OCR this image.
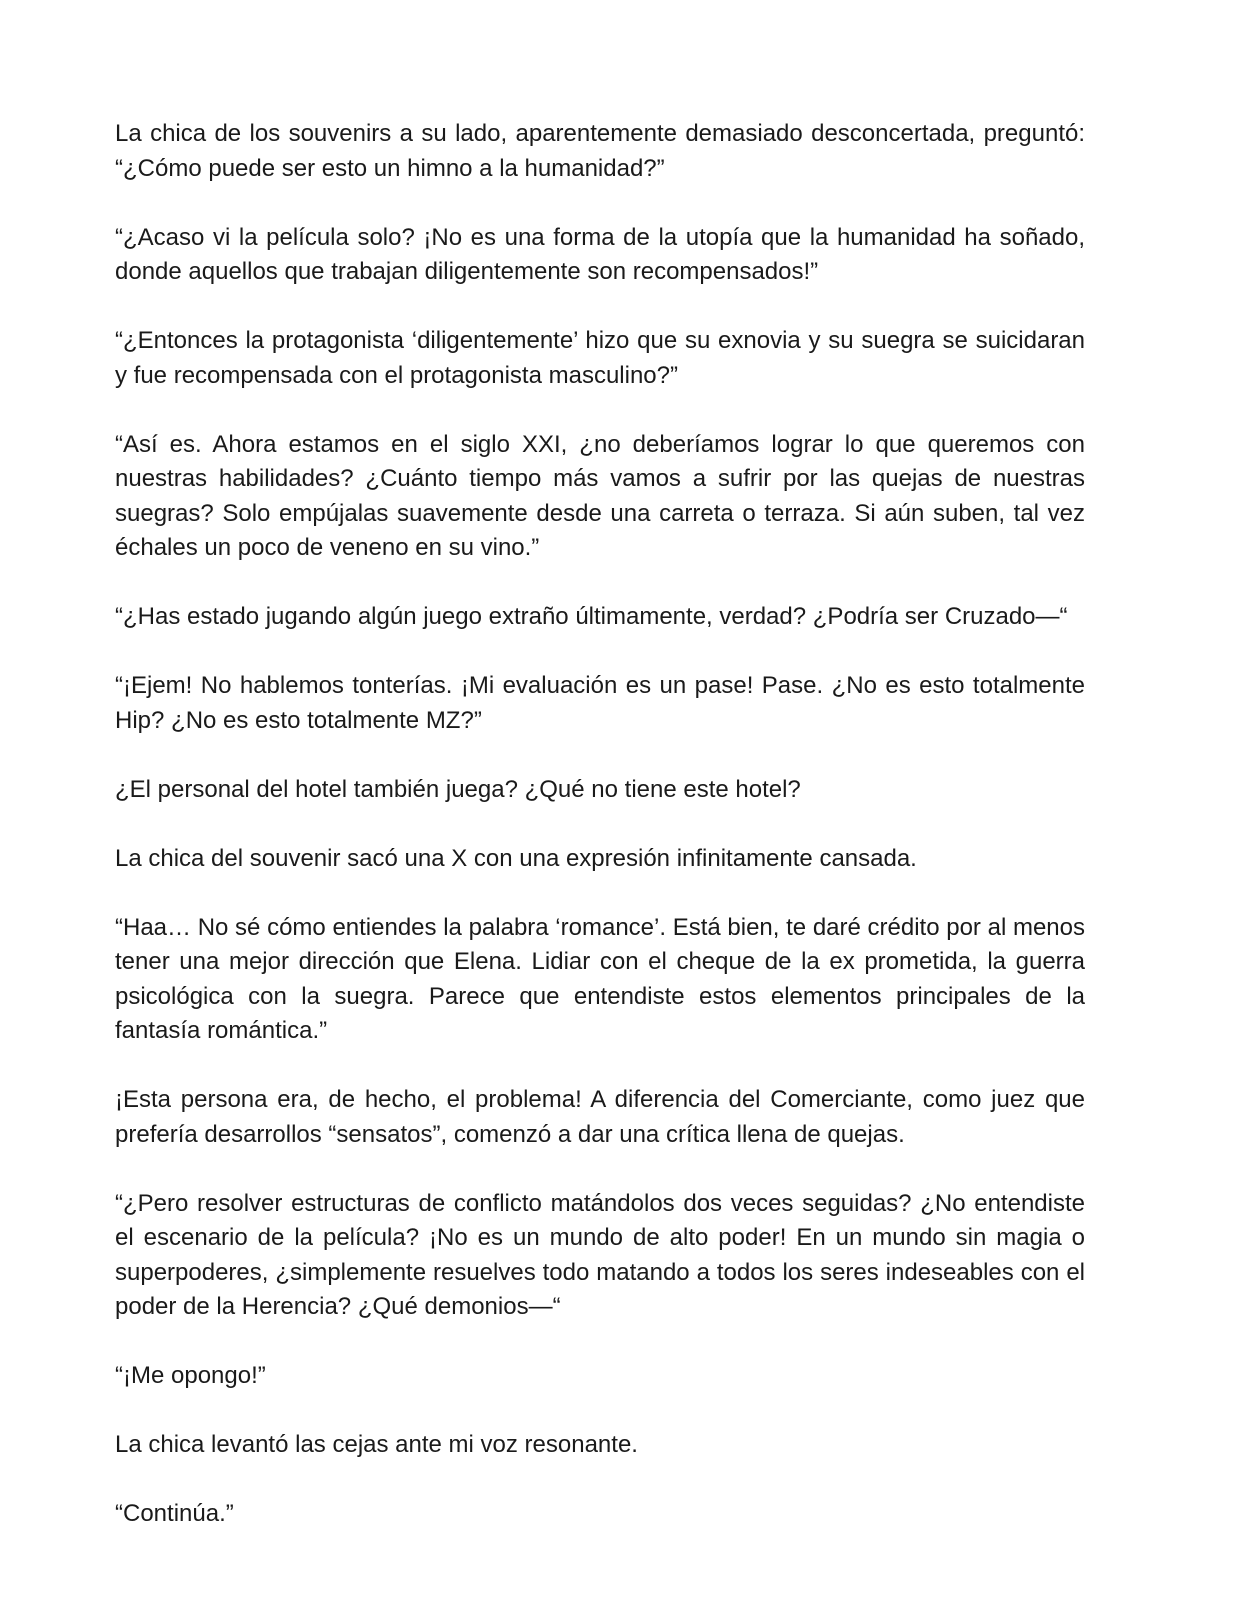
La chica de los souvenirs a su lado, aparentemente demasiado desconcertada, preguntó: “¿Cómo puede ser esto un himno a la humanidad?”

“¿Acaso vi la película solo? ¡No es una forma de la utopía que la humanidad ha soñado, donde aquellos que trabajan diligentemente son recompensados!”

“¿Entonces la protagonista ‘diligentemente’ hizo que su exnovia y su suegra se suicidaran y fue recompensada con el protagonista masculino?”

“Así es. Ahora estamos en el siglo XXI, ¿no deberíamos lograr lo que queremos con nuestras habilidades? ¿Cuánto tiempo más vamos a sufrir por las quejas de nuestras suegras? Solo empújalas suavemente desde una carreta o terraza. Si aún suben, tal vez échales un poco de veneno en su vino.”

“¿Has estado jugando algún juego extraño últimamente, verdad? ¿Podría ser Cruzado—“

“¡Ejem! No hablemos tonterías. ¡Mi evaluación es un pase! Pase. ¿No es esto totalmente Hip? ¿No es esto totalmente MZ?”

¿El personal del hotel también juega? ¿Qué no tiene este hotel?

La chica del souvenir sacó una X con una expresión infinitamente cansada.

“Haa… No sé cómo entiendes la palabra ‘romance’. Está bien, te daré crédito por al menos tener una mejor dirección que Elena. Lidiar con el cheque de la ex prometida, la guerra psicológica con la suegra. Parece que entendiste estos elementos principales de la fantasía romántica.”

¡Esta persona era, de hecho, el problema! A diferencia del Comerciante, como juez que prefería desarrollos “sensatos”, comenzó a dar una crítica llena de quejas.

“¿Pero resolver estructuras de conflicto matándolos dos veces seguidas? ¿No entendiste el escenario de la película? ¡No es un mundo de alto poder! En un mundo sin magia o superpoderes, ¿simplemente resuelves todo matando a todos los seres indeseables con el poder de la Herencia? ¿Qué demonios—“

“¡Me opongo!”

La chica levantó las cejas ante mi voz resonante.

“Continúa.”
